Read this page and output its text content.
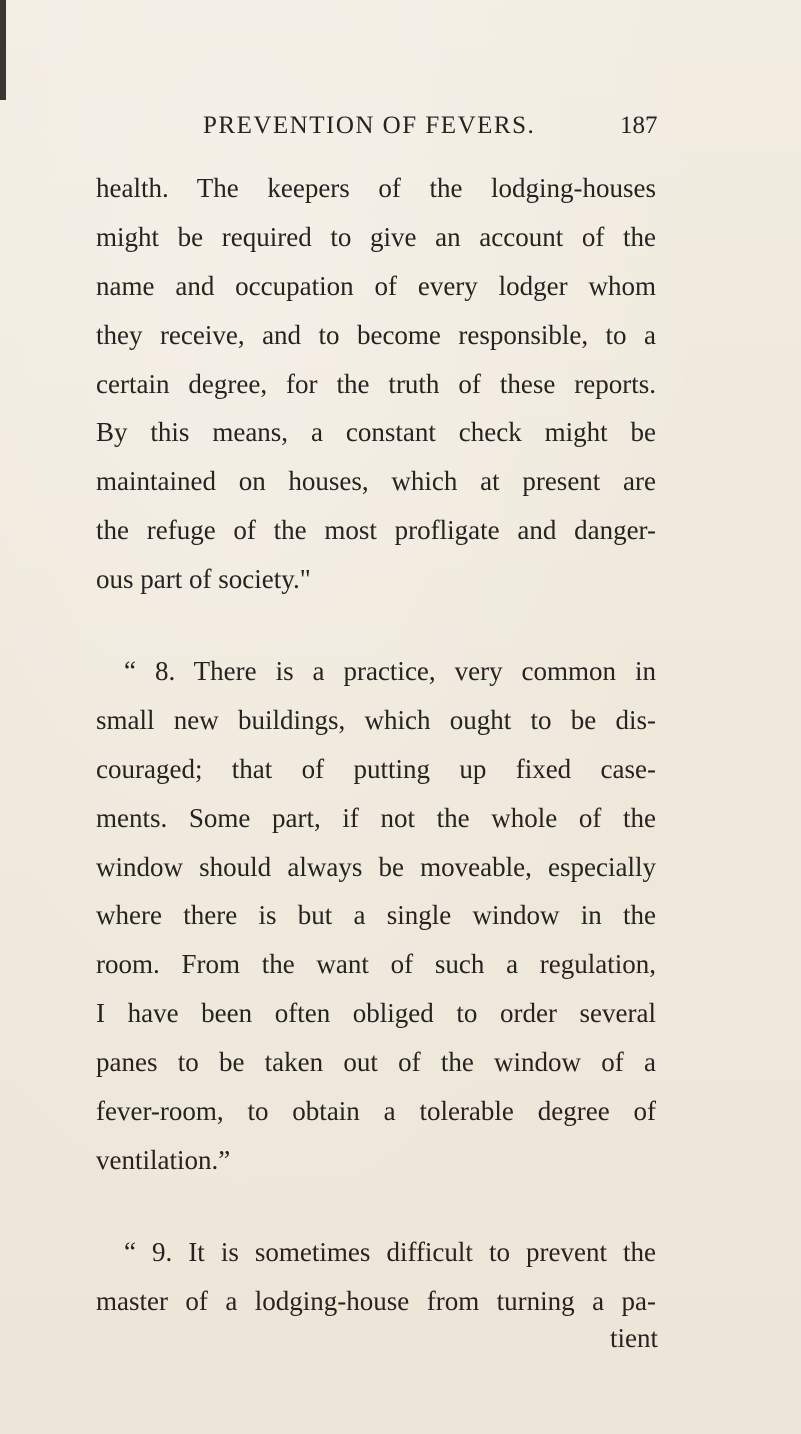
PREVENTION OF FEVERS.	187
health. The keepers of the lodging-houses
might be required to give an account of the
name and occupation of every lodger whom
they receive, and to become responsible, to a
certain degree, for the truth of these reports.
By this means, a constant check might be
maintained on houses, which at present are
the refuge of the most profligate and danger-
ous part of society."
“ 8. There is a practice, very common in
small new buildings, which ought to be dis-
couraged; that of putting up fixed case-
ments. Some part, if not the whole of the
window should always be moveable, especially
where there is but a single window in the
room. From the want of such a regulation,
I have been often obliged to order several
panes to be taken out of the window of a
fever-room, to obtain a tolerable degree of
ventilation.”
“ 9. It is sometimes difficult to prevent the
master of a lodging-house from turning a pa-
tient
